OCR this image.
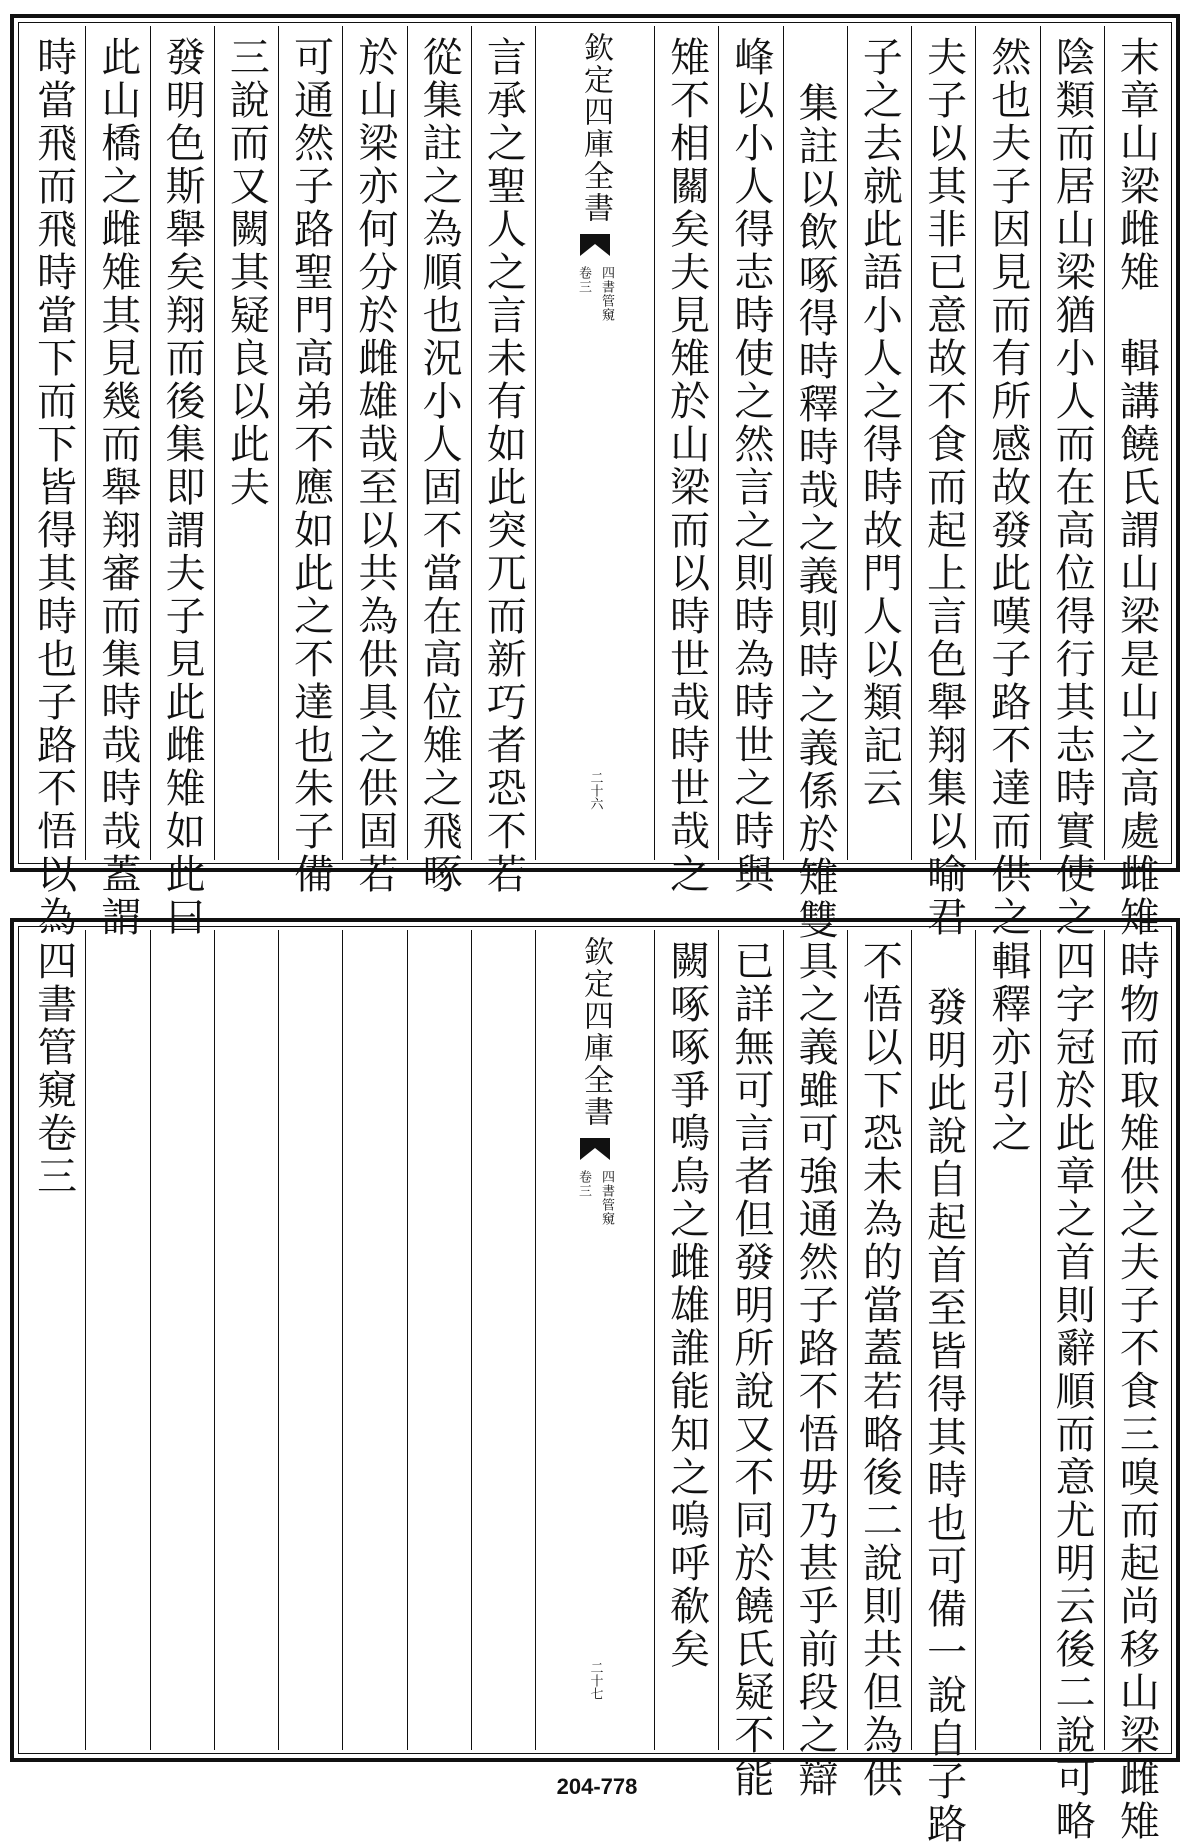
末章山梁雌雉　輯講饒氏謂山梁是山之高處雌雉
陰類而居山梁猶小人而在高位得行其志時實使之
然也夫子因見而有所感故發此嘆子路不達而供之
夫子以其非已意故不食而起上言色舉翔集以喻君
子之去就此語小人之得時故門人以類記云
集註以飲啄得時釋時哉之義則時之義係於雉雙
峰以小人得志時使之然言之則時為時世之時與
雉不相關矣夫見雉於山梁而以時世哉時世哉之
欽定四庫全書
四書管窺
卷三
二十六
言承之聖人之言未有如此突兀而新巧者恐不若
從集註之為順也況小人固不當在高位雉之飛啄
於山梁亦何分於雌雄哉至以共為供具之供固若
可通然子路聖門高弟不應如此之不達也朱子備
三說而又闕其疑良以此夫
發明色斯舉矣翔而後集即謂夫子見此雌雉如此曰
此山橋之雌雉其見幾而舉翔審而集時哉時哉蓋謂
時當飛而飛時當下而下皆得其時也子路不悟以為
時物而取雉供之夫子不食三嗅而起尚移山梁雌雉
四字冠於此章之首則辭順而意尤明云後二說可略
輯釋亦引之
發明此說自起首至皆得其時也可備一說自子路
不悟以下恐未為的當蓋若略後二說則共但為供
具之義雖可強通然子路不悟毋乃甚乎前段之辯
已詳無可言者但發明所說又不同於饒氏疑不能
闕啄啄爭鳴烏之雌雄誰能知之嗚呼欷矣
欽定四庫全書
四書管窺
卷三
二十七
四書管窺卷三
204-778
